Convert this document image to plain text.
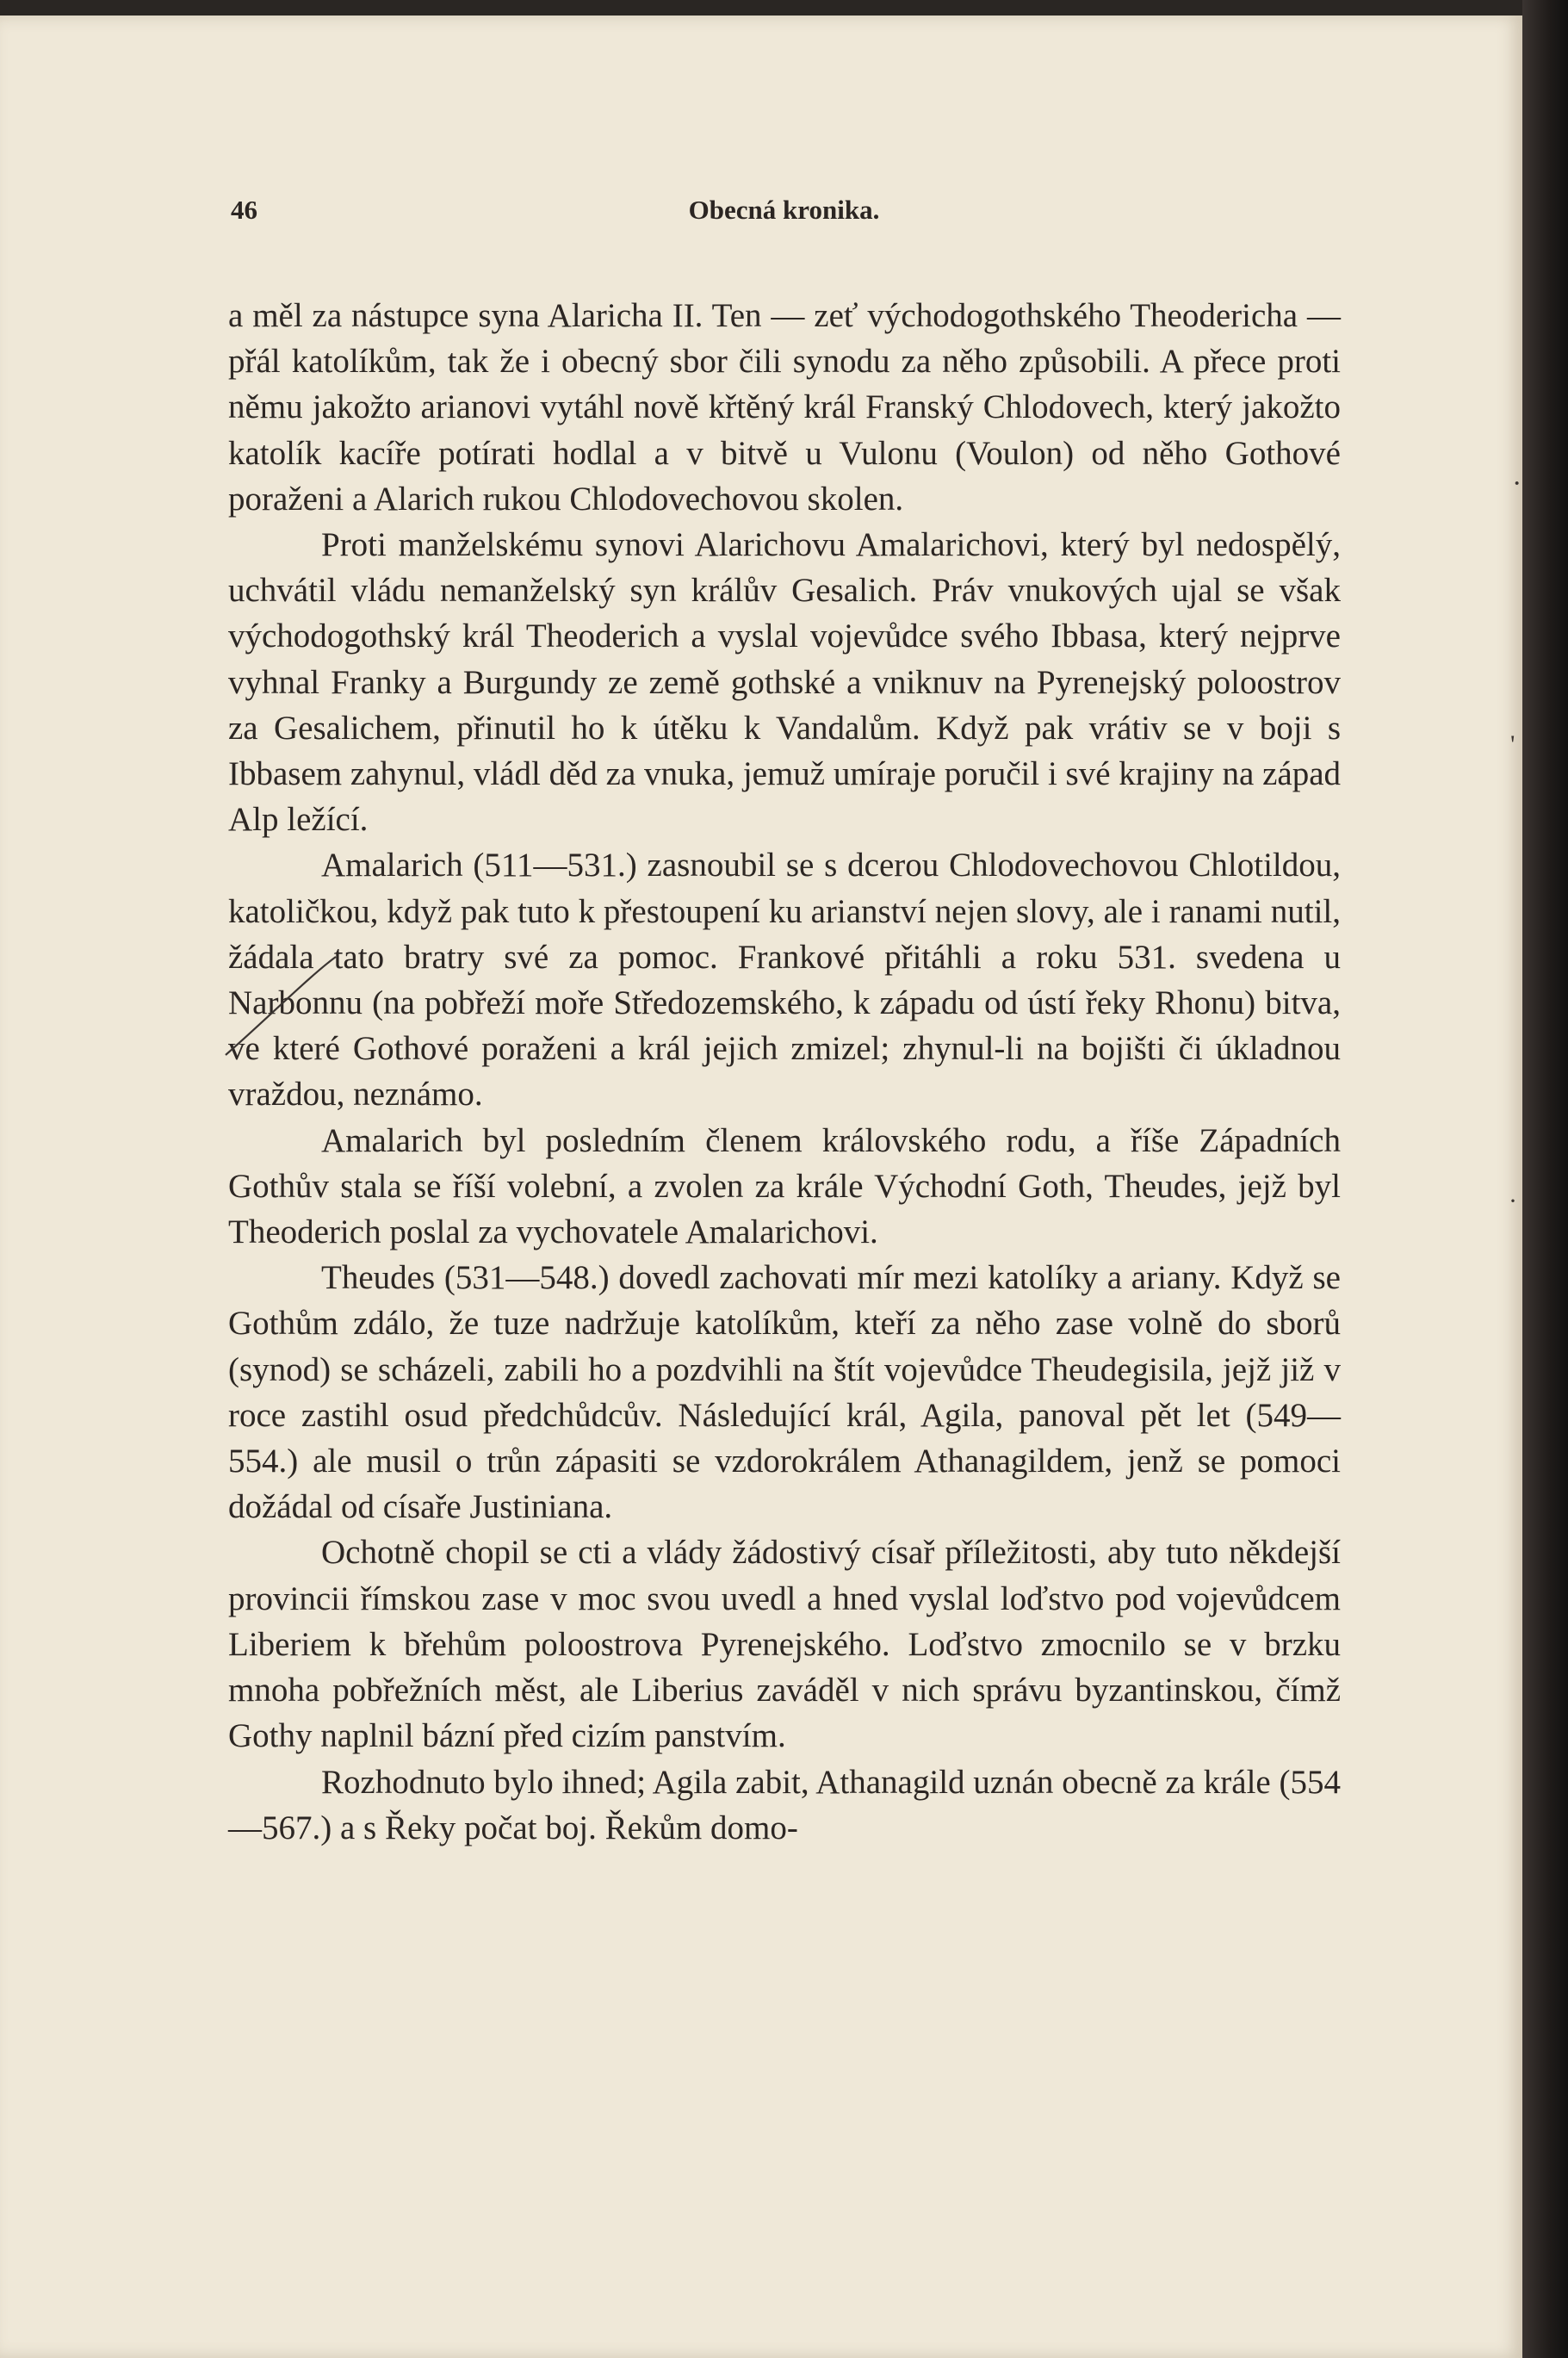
46	Obecná kronika.

a měl za nástupce syna Alaricha II. Ten — zeť východogothského Theodericha — přál katolíkům, tak že i obecný sbor čili synodu za něho způsobili. A přece proti němu jakožto arianovi vytáhl nově křtěný král Franský Chlodovech, který jakožto katolík kacíře potírati hodlal a v bitvě u Vulonu (Voulon) od něho Gothové poraženi a Alarich rukou Chlodovechovou skolen.

Proti manželskému synovi Alarichovu Amalarichovi, který byl nedospělý, uchvátil vládu nemanželský syn králův Gesalich. Práv vnukových ujal se však východogothský král Theoderich a vyslal vojevůdce svého Ibbasa, který nejprve vyhnal Franky a Burgundy ze země gothské a vniknuv na Pyrenejský poloostrov za Gesalichem, přinutil ho k útěku k Vandalům. Když pak vrátiv se v boji s Ibbasem zahynul, vládl děd za vnuka, jemuž umíraje poručil i své krajiny na západ Alp ležící.

Amalarich (511—531.) zasnoubil se s dcerou Chlodovechovou Chlotildou, katoličkou, když pak tuto k přestoupení ku arianství nejen slovy, ale i ranami nutil, žádala tato bratry své za pomoc. Frankové přitáhli a roku 531. svedena u Narbonnu (na pobřeží moře Středozemského, k západu od ústí řeky Rhonu) bitva, ve které Gothové poraženi a král jejich zmizel; zhynul-li na bojišti či úkladnou vraždou, neznámo.

Amalarich byl posledním členem královského rodu, a říše Západních Gothův stala se říší volební, a zvolen za krále Východní Goth, Theudes, jejž byl Theoderich poslal za vychovatele Amalarichovi.

Theudes (531—548.) dovedl zachovati mír mezi katolíky a ariany. Když se Gothům zdálo, že tuze nadržuje katolíkům, kteří za něho zase volně do sborů (synod) se scházeli, zabili ho a pozdvihli na štít vojevůdce Theudegisila, jejž již v roce zastihl osud předchůdcův. Následující král, Agila, panoval pět let (549—554.) ale musil o trůn zápasiti se vzdorokrálem Athanagildem, jenž se pomoci dožádal od císaře Justiniana.

Ochotně chopil se cti a vlády žádostivý císař příležitosti, aby tuto někdejší provincii římskou zase v moc svou uvedl a hned vyslal loďstvo pod vojevůdcem Liberiem k břehům poloostrova Pyrenejského. Loďstvo zmocnilo se v brzku mnoha pobřežních měst, ale Liberius zaváděl v nich správu byzantinskou, čímž Gothy naplnil bázní před cizím panstvím.

Rozhodnuto bylo ihned; Agila zabit, Athanagild uznán obecně za krále (554—567.) a s Řeky počat boj. Řekům domo-

·
'
·
